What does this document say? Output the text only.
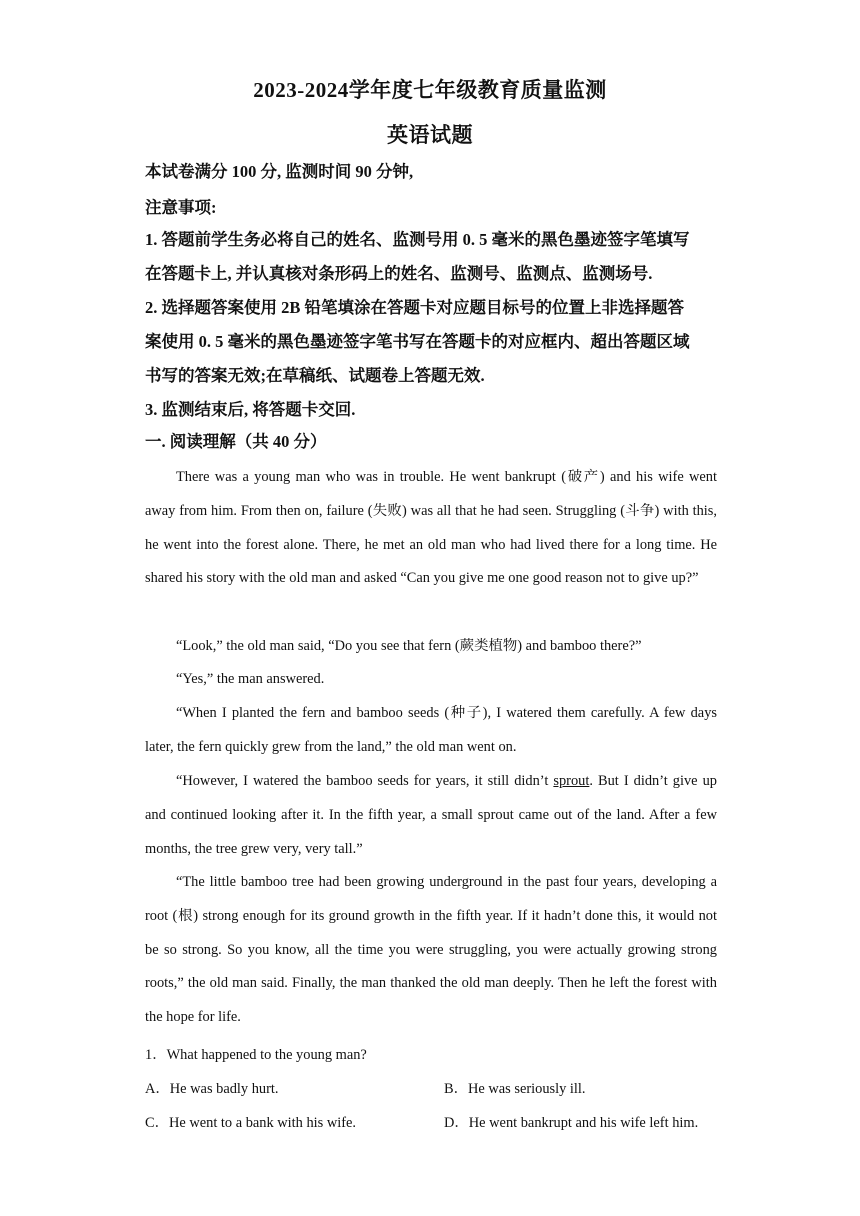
2023-2024学年度七年级教育质量监测
英语试题
本试卷满分 100 分, 监测时间 90 分钟,
注意事项:
1. 答题前学生务必将自己的姓名、监测号用 0. 5 毫米的黑色墨迹签字笔填写
在答题卡上, 并认真核对条形码上的姓名、监测号、监测点、监测场号.
2. 选择题答案使用 2B 铅笔填涂在答题卡对应题目标号的位置上非选择题答
案使用 0. 5 毫米的黑色墨迹签字笔书写在答题卡的对应框内、超出答题区域
书写的答案无效;在草稿纸、试题卷上答题无效.
3. 监测结束后, 将答题卡交回.
一. 阅读理解（共 40 分）
There was a young man who was in trouble. He went bankrupt (破产) and his wife went away from him. From then on, failure (失败) was all that he had seen. Struggling (斗争) with this, he went into the forest alone. There, he met an old man who had lived there for a long time. He shared his story with the old man and asked “Can you give me one good reason not to give up?”
“Look,” the old man said, “Do you see that fern (蕨类植物) and bamboo there?”
“Yes,” the man answered.
“When I planted the fern and bamboo seeds (种子), I watered them carefully. A few days later, the fern quickly grew from the land,” the old man went on.
“However, I watered the bamboo seeds for years, it still didn’t sprout. But I didn’t give up and continued looking after it. In the fifth year, a small sprout came out of the land. After a few months, the tree grew very, very tall.”
“The little bamboo tree had been growing underground in the past four years, developing a root (根) strong enough for its ground growth in the fifth year. If it hadn’t done this, it would not be so strong. So you know, all the time you were struggling, you were actually growing strong roots,” the old man said. Finally, the man thanked the old man deeply. Then he left the forest with the hope for life.
1．What happened to the young man?
A．He was badly hurt.	B．He was seriously ill.
C．He went to a bank with his wife.	D．He went bankrupt and his wife left him.
